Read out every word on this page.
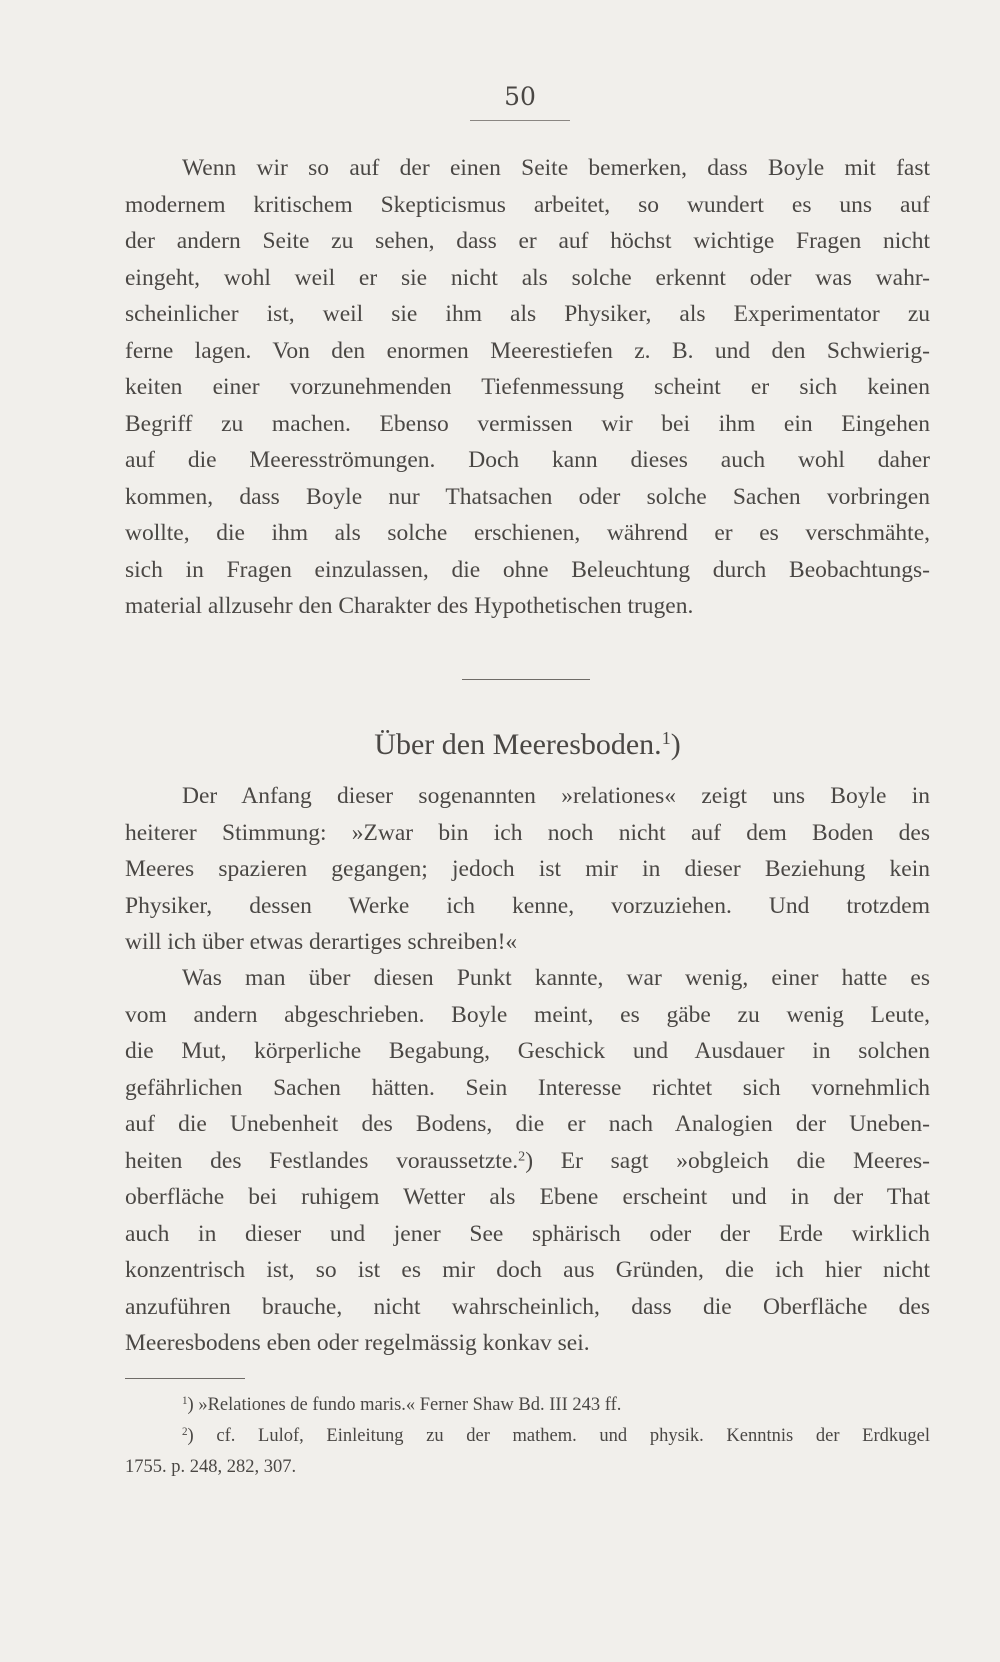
50
Wenn wir so auf der einen Seite bemerken, dass Boyle mit fast
modernem kritischem Skepticismus arbeitet, so wundert es uns auf
der andern Seite zu sehen, dass er auf höchst wichtige Fragen nicht
eingeht, wohl weil er sie nicht als solche erkennt oder was wahr-
scheinlicher ist, weil sie ihm als Physiker, als Experimentator zu
ferne lagen. Von den enormen Meerestiefen z. B. und den Schwierig-
keiten einer vorzunehmenden Tiefenmessung scheint er sich keinen
Begriff zu machen. Ebenso vermissen wir bei ihm ein Eingehen
auf die Meeresströmungen. Doch kann dieses auch wohl daher
kommen, dass Boyle nur Thatsachen oder solche Sachen vorbringen
wollte, die ihm als solche erschienen, während er es verschmähte,
sich in Fragen einzulassen, die ohne Beleuchtung durch Beobachtungs-
material allzusehr den Charakter des Hypothetischen trugen.
Über den Meeresboden.$^1$)
Der Anfang dieser sogenannten »relationes« zeigt uns Boyle in
heiterer Stimmung: »Zwar bin ich noch nicht auf dem Boden des
Meeres spazieren gegangen; jedoch ist mir in dieser Beziehung kein
Physiker, dessen Werke ich kenne, vorzuziehen. Und trotzdem
will ich über etwas derartiges schreiben!«
Was man über diesen Punkt kannte, war wenig, einer hatte es
vom andern abgeschrieben. Boyle meint, es gäbe zu wenig Leute,
die Mut, körperliche Begabung, Geschick und Ausdauer in solchen
gefährlichen Sachen hätten. Sein Interesse richtet sich vornehmlich
auf die Unebenheit des Bodens, die er nach Analogien der Uneben-
heiten des Festlandes voraussetzte.$^2$) Er sagt »obgleich die Meeres-
oberfläche bei ruhigem Wetter als Ebene erscheint und in der That
auch in dieser und jener See sphärisch oder der Erde wirklich
konzentrisch ist, so ist es mir doch aus Gründen, die ich hier nicht
anzuführen brauche, nicht wahrscheinlich, dass die Oberfläche des
Meeresbodens eben oder regelmässig konkav sei.
$^1$) »Relationes de fundo maris.« Ferner Shaw Bd. III 243 ff.
$^2$) cf. Lulof, Einleitung zu der mathem. und physik. Kenntnis der Erdkugel
1755. p. 248, 282, 307.
